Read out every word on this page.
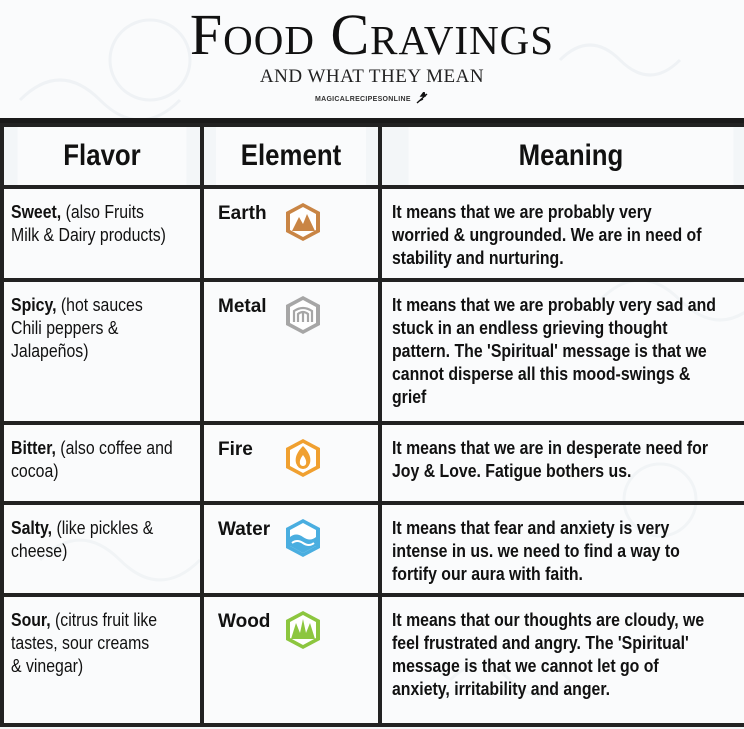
Food Cravings
AND WHAT THEY MEAN
MAGICALRECIPESONLINE
Flavor	Element	Meaning

Sweet, (also Fruits
Milk & Dairy products)	Earth	It means that we are probably very
worried & ungrounded. We are in need of
stability and nurturing.

Spicy, (hot sauces
Chili peppers &
Jalapeños)	Metal	It means that we are probably very sad and
stuck in an endless grieving thought
pattern. The 'Spiritual' message is that we
cannot disperse all this mood-swings &
grief

Bitter, (also coffee and
cocoa)	Fire	It means that we are in desperate need for
Joy & Love. Fatigue bothers us.

Salty, (like pickles &
cheese)	Water	It means that fear and anxiety is very
intense in us. we need to find a way to
fortify our aura with faith.

Sour, (citrus fruit like
tastes, sour creams
& vinegar)	Wood	It means that our thoughts are cloudy, we
feel frustrated and angry. The 'Spiritual'
message is that we cannot let go of
anxiety, irritability and anger.
